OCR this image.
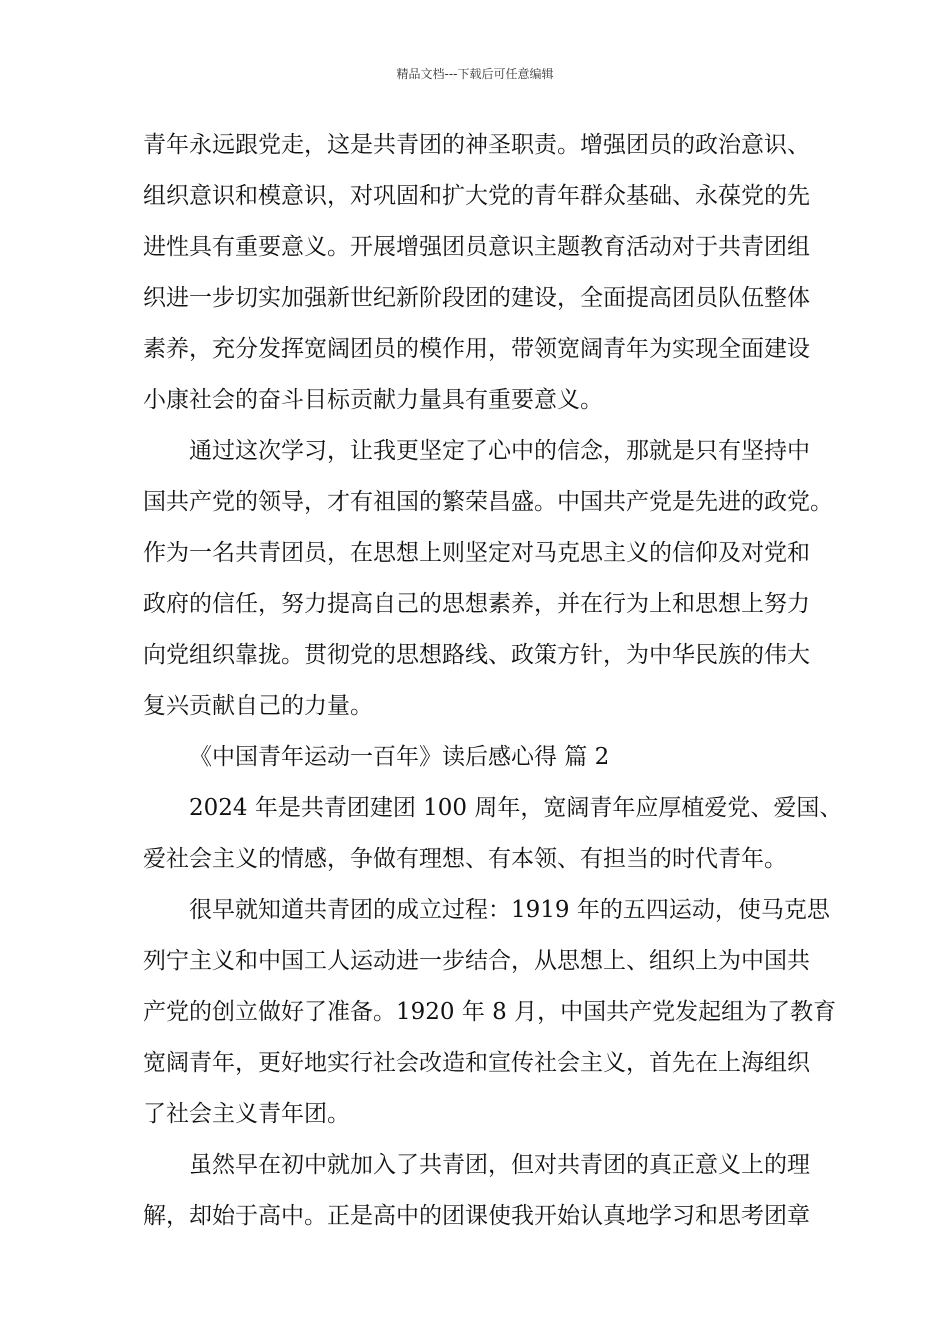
精品文档---下载后可任意编辑
青年永远跟党走，这是共青团的神圣职责。增强团员的政治意识、
组织意识和模意识，对巩固和扩大党的青年群众基础、永葆党的先
进性具有重要意义。开展增强团员意识主题教育活动对于共青团组
织进一步切实加强新世纪新阶段团的建设，全面提高团员队伍整体
素养，充分发挥宽阔团员的模作用，带领宽阔青年为实现全面建设
小康社会的奋斗目标贡献力量具有重要意义。
通过这次学习，让我更坚定了心中的信念，那就是只有坚持中
国共产党的领导，才有祖国的繁荣昌盛。中国共产党是先进的政党。
作为一名共青团员，在思想上则坚定对马克思主义的信仰及对党和
政府的信任，努力提高自己的思想素养，并在行为上和思想上努力
向党组织靠拢。贯彻党的思想路线、政策方针，为中华民族的伟大
复兴贡献自己的力量。
《中国青年运动一百年》读后感心得 篇 2
2024 年是共青团建团 100 周年，宽阔青年应厚植爱党、爱国、
爱社会主义的情感，争做有理想、有本领、有担当的时代青年。
很早就知道共青团的成立过程：1919 年的五四运动，使马克思
列宁主义和中国工人运动进一步结合，从思想上、组织上为中国共
产党的创立做好了准备。1920 年 8 月，中国共产党发起组为了教育
宽阔青年，更好地实行社会改造和宣传社会主义，首先在上海组织
了社会主义青年团。
虽然早在初中就加入了共青团，但对共青团的真正意义上的理
解，却始于高中。正是高中的团课使我开始认真地学习和思考团章
